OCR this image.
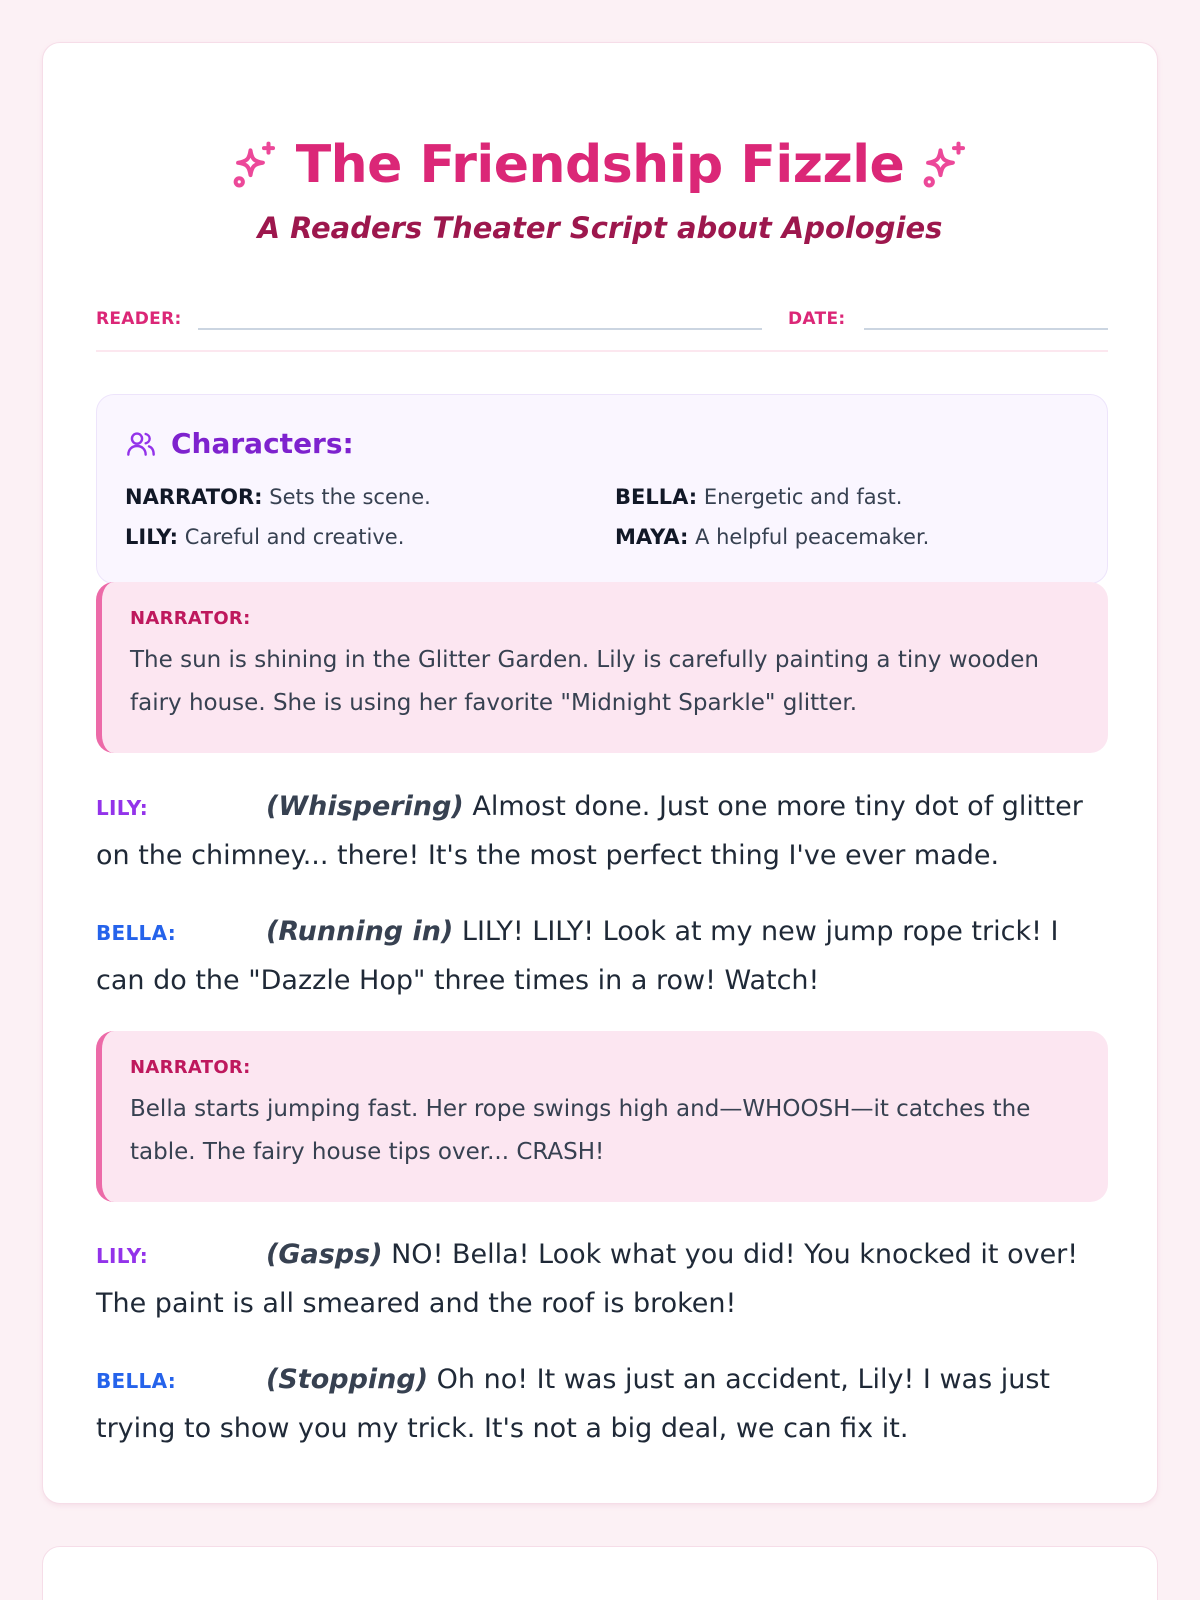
The Friendship Fizzle
A Readers Theater Script about Apologies
READER:	DATE:
Characters:
NARRATOR: Sets the scene.	BELLA: Energetic and fast.
LILY: Careful and creative.	MAYA: A helpful peacemaker.
NARRATOR:
The sun is shining in the Glitter Garden. Lily is carefully painting a tiny wooden fairy house. She is using her favorite "Midnight Sparkle" glitter.
LILY:	(Whispering) Almost done. Just one more tiny dot of glitter on the chimney... there! It's the most perfect thing I've ever made.
BELLA:	(Running in) LILY! LILY! Look at my new jump rope trick! I can do the "Dazzle Hop" three times in a row! Watch!
NARRATOR:
Bella starts jumping fast. Her rope swings high and—WHOOSH—it catches the table. The fairy house tips over... CRASH!
LILY:	(Gasps) NO! Bella! Look what you did! You knocked it over! The paint is all smeared and the roof is broken!
BELLA:	(Stopping) Oh no! It was just an accident, Lily! I was just trying to show you my trick. It's not a big deal, we can fix it.
